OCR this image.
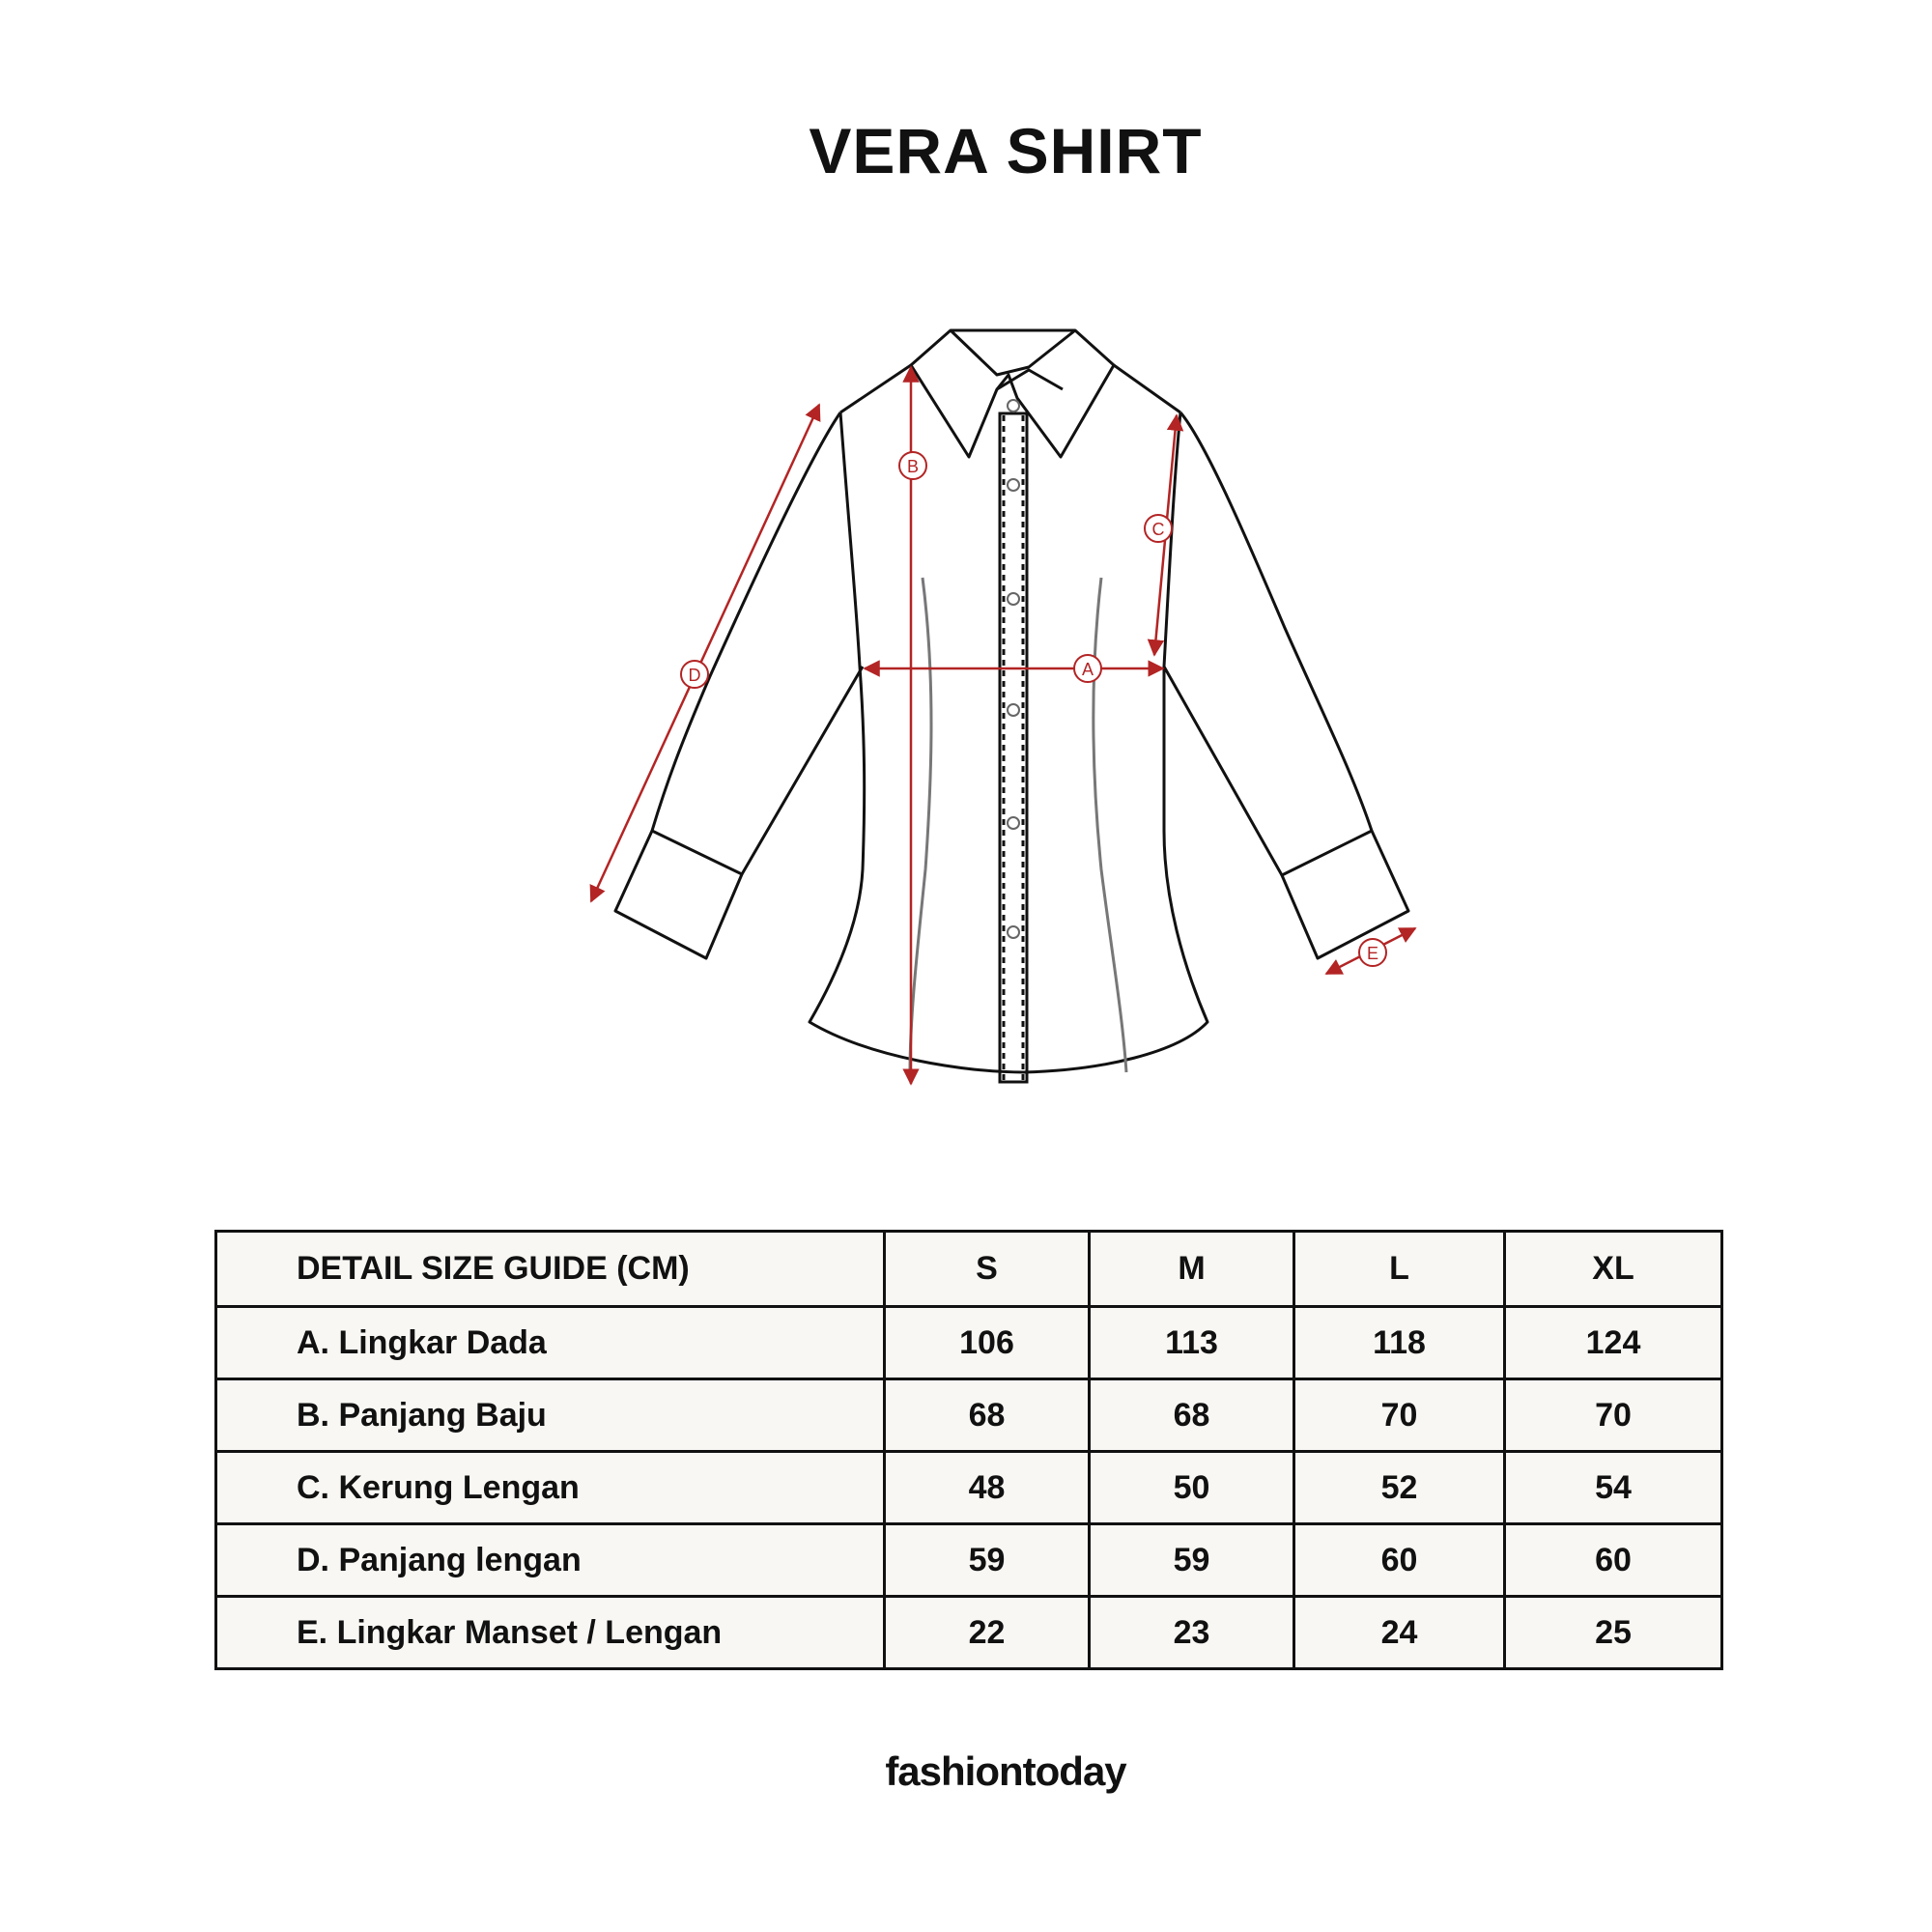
VERA SHIRT
A
B
C
D
E
DETAIL SIZE GUIDE (CM)	S	M	L	XL
A. Lingkar Dada	106	113	118	124
B. Panjang Baju	68	68	70	70
C. Kerung Lengan	48	50	52	54
D. Panjang lengan	59	59	60	60
E. Lingkar Manset / Lengan	22	23	24	25
fashiontoday
